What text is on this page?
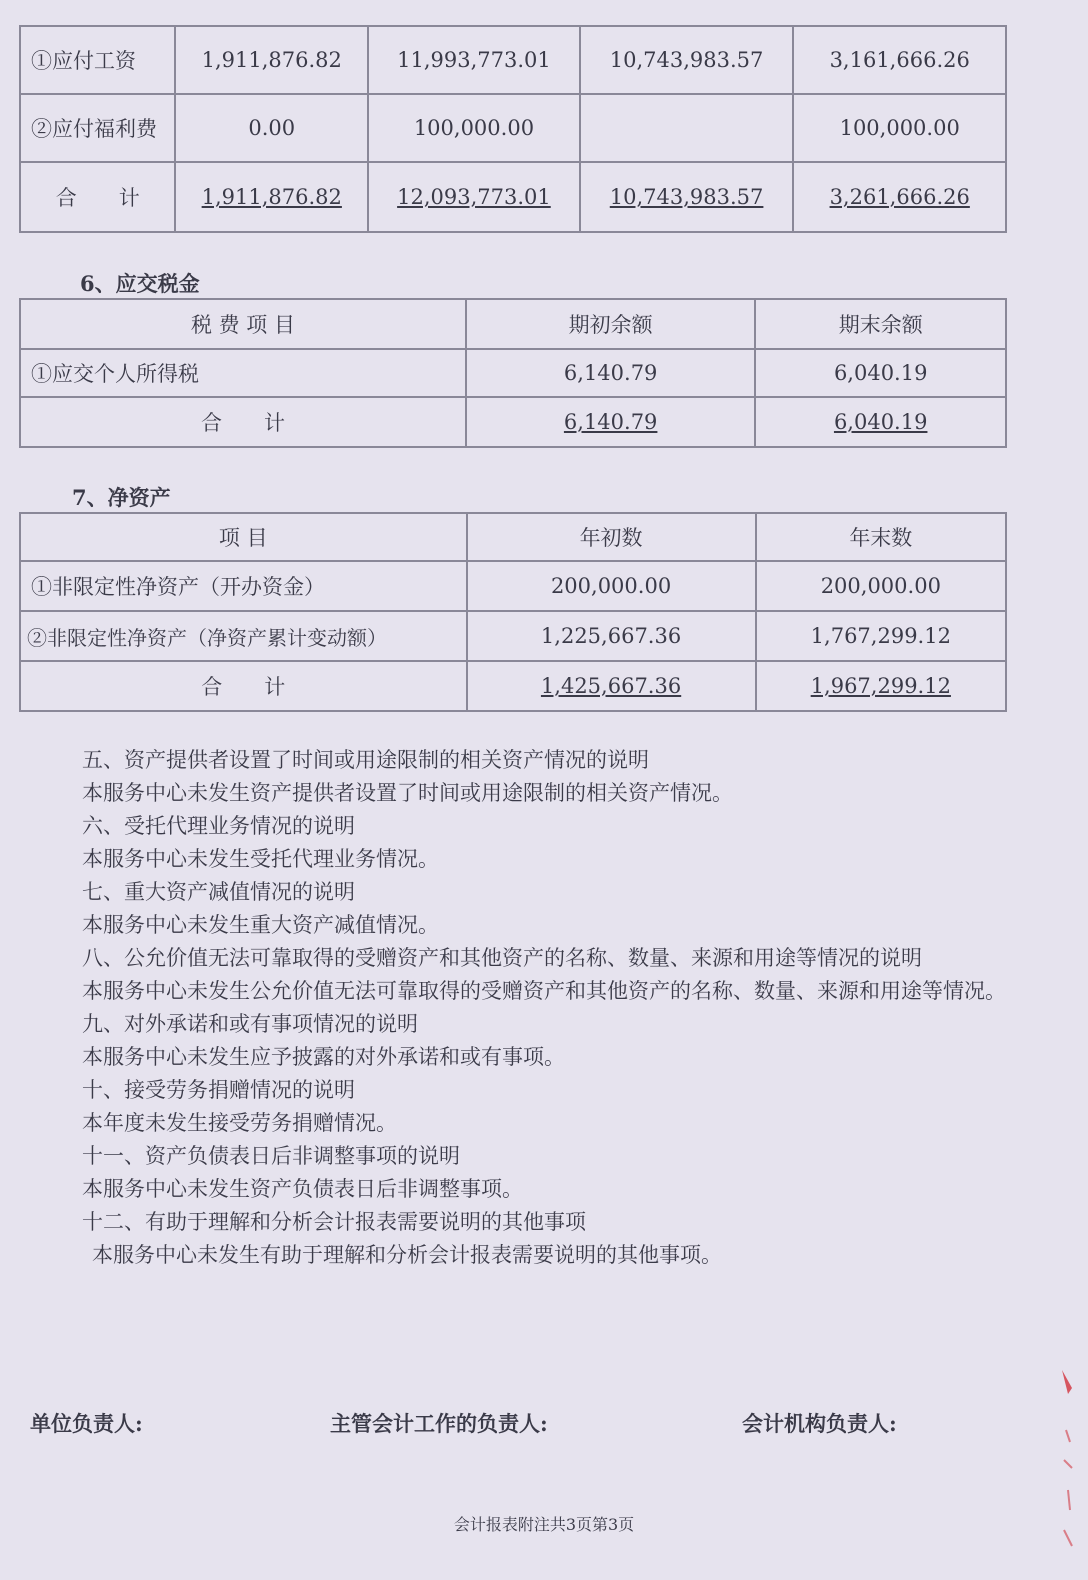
①应付工资	1,911,876.82	11,993,773.01	10,743,983.57	3,161,666.26
②应付福利费	0.00	100,000.00		100,000.00
合　　计	1,911,876.82	12,093,773.01	10,743,983.57	3,261,666.26
6、应交税金
税 费 项 目	期初余额	期末余额
①应交个人所得税	6,140.79	6,040.19
合　　计	6,140.79	6,040.19
7、净资产
项 目	年初数	年末数
①非限定性净资产（开办资金）	200,000.00	200,000.00
②非限定性净资产（净资产累计变动额）	1,225,667.36	1,767,299.12
合　　计	1,425,667.36	1,967,299.12

五、资产提供者设置了时间或用途限制的相关资产情况的说明

本服务中心未发生资产提供者设置了时间或用途限制的相关资产情况。

六、受托代理业务情况的说明

本服务中心未发生受托代理业务情况。

七、重大资产减值情况的说明

本服务中心未发生重大资产减值情况。

八、公允价值无法可靠取得的受赠资产和其他资产的名称、数量、来源和用途等情况的说明

本服务中心未发生公允价值无法可靠取得的受赠资产和其他资产的名称、数量、来源和用途等情况。

九、对外承诺和或有事项情况的说明

本服务中心未发生应予披露的对外承诺和或有事项。

十、接受劳务捐赠情况的说明

本年度未发生接受劳务捐赠情况。

十一、资产负债表日后非调整事项的说明

本服务中心未发生资产负债表日后非调整事项。

十二、有助于理解和分析会计报表需要说明的其他事项

本服务中心未发生有助于理解和分析会计报表需要说明的其他事项。

单位负责人:	主管会计工作的负责人:	会计机构负责人:
会计报表附注共3页第3页
